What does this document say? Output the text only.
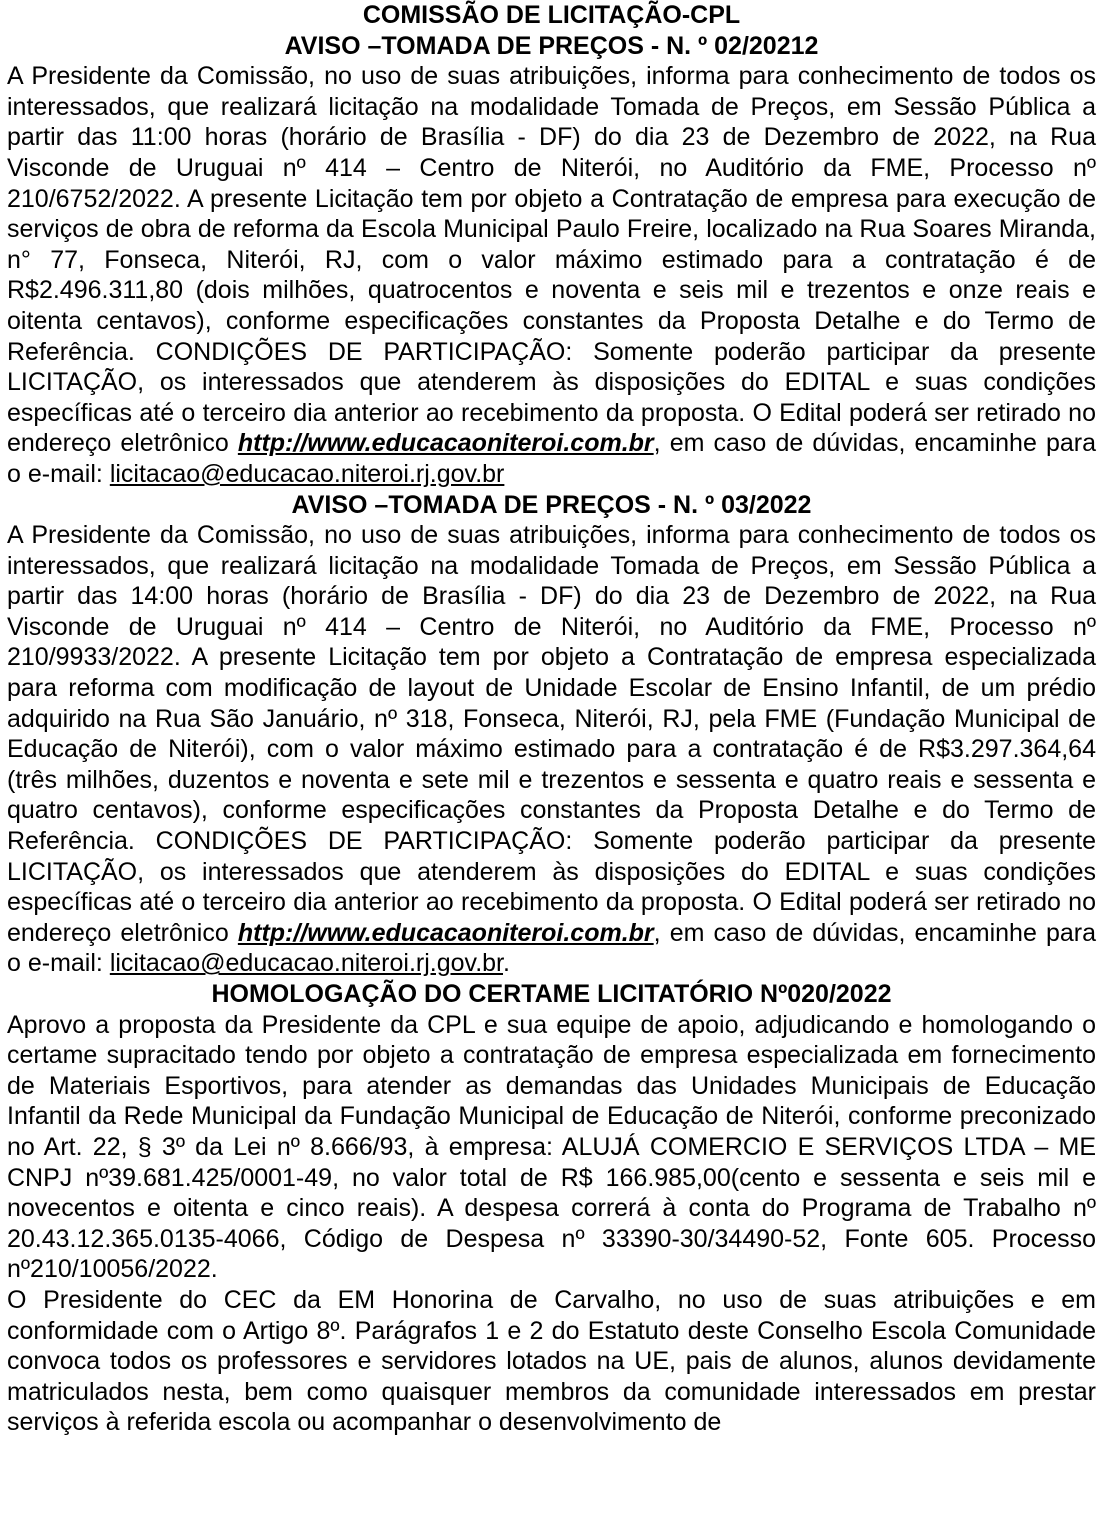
COMISSÃO DE LICITAÇÃO-CPL

AVISO –TOMADA DE PREÇOS - N. º 02/20212

A Presidente da Comissão, no uso de suas atribuições, informa para conhecimento de todos os interessados, que realizará licitação na modalidade Tomada de Preços, em Sessão Pública a partir das 11:00 horas (horário de Brasília - DF) do dia 23 de Dezembro de 2022, na Rua Visconde de Uruguai nº 414 – Centro de Niterói, no Auditório da FME, Processo nº 210/6752/2022. A presente Licitação tem por objeto a Contratação de empresa para execução de serviços de obra de reforma da Escola Municipal Paulo Freire, localizado na Rua Soares Miranda, n° 77, Fonseca, Niterói, RJ, com o valor máximo estimado para a contratação é de R$2.496.311,80 (dois milhões, quatrocentos e noventa e seis mil e trezentos e onze reais e oitenta centavos), conforme especificações constantes da Proposta Detalhe e do Termo de Referência. CONDIÇÕES DE PARTICIPAÇÃO: Somente poderão participar da presente LICITAÇÃO, os interessados que atenderem às disposições do EDITAL e suas condições específicas até o terceiro dia anterior ao recebimento da proposta. O Edital poderá ser retirado no endereço eletrônico http://www.educacaoniteroi.com.br, em caso de dúvidas, encaminhe para o e-mail: licitacao@educacao.niteroi.rj.gov.br

AVISO –TOMADA DE PREÇOS - N. º 03/2022

A Presidente da Comissão, no uso de suas atribuições, informa para conhecimento de todos os interessados, que realizará licitação na modalidade Tomada de Preços, em Sessão Pública a partir das 14:00 horas (horário de Brasília - DF) do dia 23 de Dezembro de 2022, na Rua Visconde de Uruguai nº 414 – Centro de Niterói, no Auditório da FME, Processo nº 210/9933/2022. A presente Licitação tem por objeto a Contratação de empresa especializada para reforma com modificação de layout de Unidade Escolar de Ensino Infantil, de um prédio adquirido na Rua São Januário, nº 318, Fonseca, Niterói, RJ, pela FME (Fundação Municipal de Educação de Niterói), com o valor máximo estimado para a contratação é de R$3.297.364,64 (três milhões, duzentos e noventa e sete mil e trezentos e sessenta e quatro reais e sessenta e quatro centavos), conforme especificações constantes da Proposta Detalhe e do Termo de Referência. CONDIÇÕES DE PARTICIPAÇÃO: Somente poderão participar da presente LICITAÇÃO, os interessados que atenderem às disposições do EDITAL e suas condições específicas até o terceiro dia anterior ao recebimento da proposta. O Edital poderá ser retirado no endereço eletrônico http://www.educacaoniteroi.com.br, em caso de dúvidas, encaminhe para o e-mail: licitacao@educacao.niteroi.rj.gov.br.

HOMOLOGAÇÃO DO CERTAME LICITATÓRIO Nº020/2022

Aprovo a proposta da Presidente da CPL e sua equipe de apoio, adjudicando e homologando o certame supracitado tendo por objeto a contratação de empresa especializada em fornecimento de Materiais Esportivos, para atender as demandas das Unidades Municipais de Educação Infantil da Rede Municipal da Fundação Municipal de Educação de Niterói, conforme preconizado no Art. 22, § 3º da Lei nº 8.666/93, à empresa: ALUJÁ COMERCIO E SERVIÇOS LTDA – ME CNPJ nº39.681.425/0001-49, no valor total de R$ 166.985,00(cento e sessenta e seis mil e novecentos e oitenta e cinco reais). A despesa correrá à conta do Programa de Trabalho nº 20.43.12.365.0135-4066, Código de Despesa nº 33390-30/34490-52, Fonte 605. Processo nº210/10056/2022.

O Presidente do CEC da EM Honorina de Carvalho, no uso de suas atribuições e em conformidade com o Artigo 8º. Parágrafos 1 e 2 do Estatuto deste Conselho Escola Comunidade convoca todos os professores e servidores lotados na UE, pais de alunos, alunos devidamente matriculados nesta, bem como quaisquer membros da comunidade interessados em prestar serviços à referida escola ou acompanhar o desenvolvimento de
